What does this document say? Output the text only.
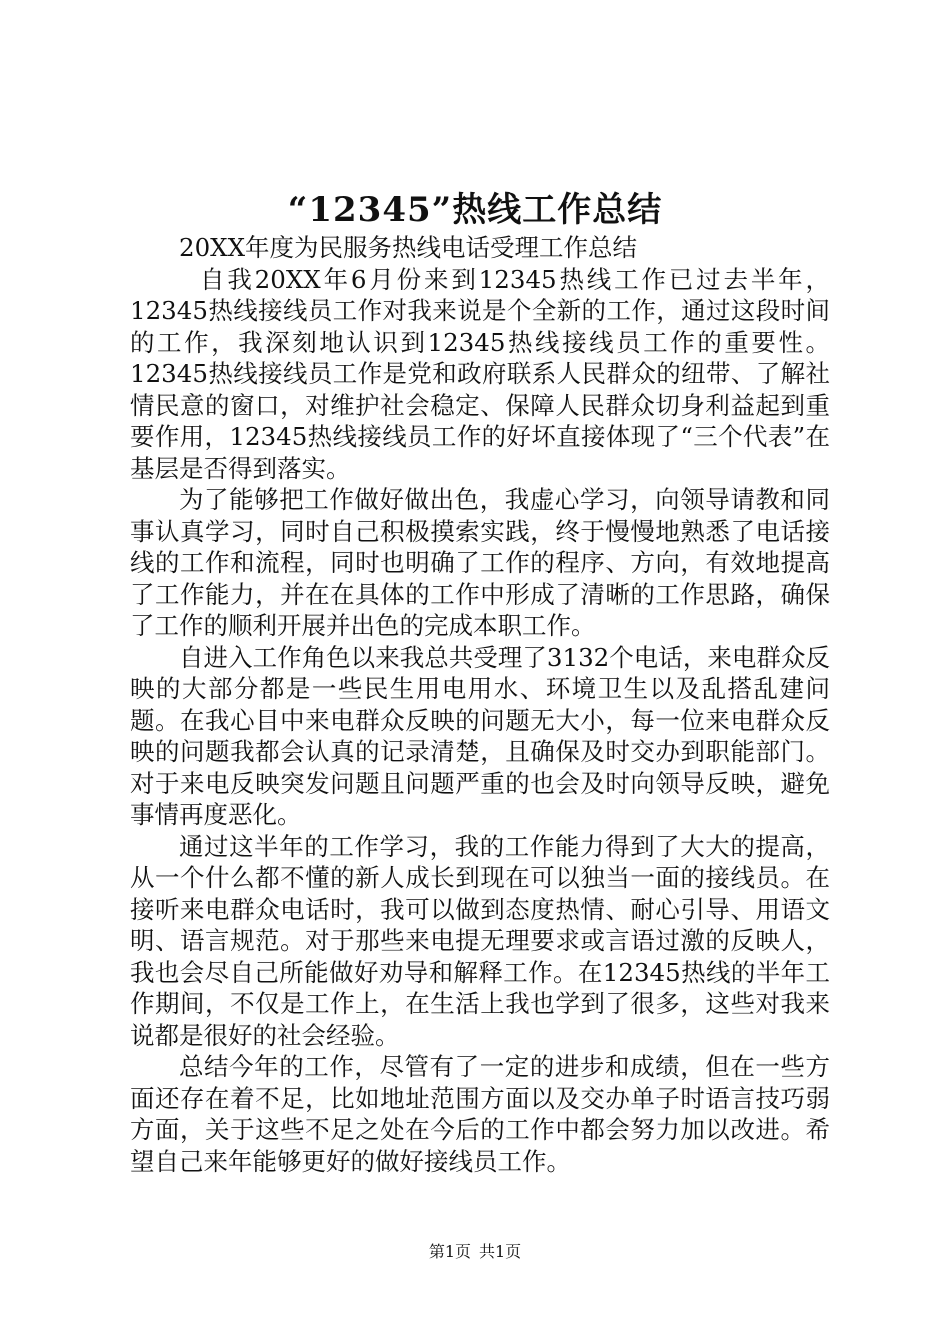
“12345”热线工作总结

20XX年度为民服务热线电话受理工作总结

自我20XX年6月份来到12345热线工作已过去半年，12345热线接线员工作对我来说是个全新的工作，通过这段时间的工作，我深刻地认识到12345热线接线员工作的重要性。12345热线接线员工作是党和政府联系人民群众的纽带、了解社情民意的窗口，对维护社会稳定、保障人民群众切身利益起到重要作用，12345热线接线员工作的好坏直接体现了“三个代表”在基层是否得到落实。

为了能够把工作做好做出色，我虚心学习，向领导请教和同事认真学习，同时自己积极摸索实践，终于慢慢地熟悉了电话接线的工作和流程，同时也明确了工作的程序、方向，有效地提高了工作能力，并在在具体的工作中形成了清晰的工作思路，确保了工作的顺利开展并出色的完成本职工作。

自进入工作角色以来我总共受理了3132个电话，来电群众反映的大部分都是一些民生用电用水、环境卫生以及乱搭乱建问题。在我心目中来电群众反映的问题无大小，每一位来电群众反映的问题我都会认真的记录清楚，且确保及时交办到职能部门。对于来电反映突发问题且问题严重的也会及时向领导反映，避免事情再度恶化。

通过这半年的工作学习，我的工作能力得到了大大的提高，从一个什么都不懂的新人成长到现在可以独当一面的接线员。在接听来电群众电话时，我可以做到态度热情、耐心引导、用语文明、语言规范。对于那些来电提无理要求或言语过激的反映人，我也会尽自己所能做好劝导和解释工作。在12345热线的半年工作期间，不仅是工作上，在生活上我也学到了很多，这些对我来说都是很好的社会经验。

总结今年的工作，尽管有了一定的进步和成绩，但在一些方面还存在着不足，比如地址范围方面以及交办单子时语言技巧弱方面，关于这些不足之处在今后的工作中都会努力加以改进。希望自己来年能够更好的做好接线员工作。

第1页 共1页
